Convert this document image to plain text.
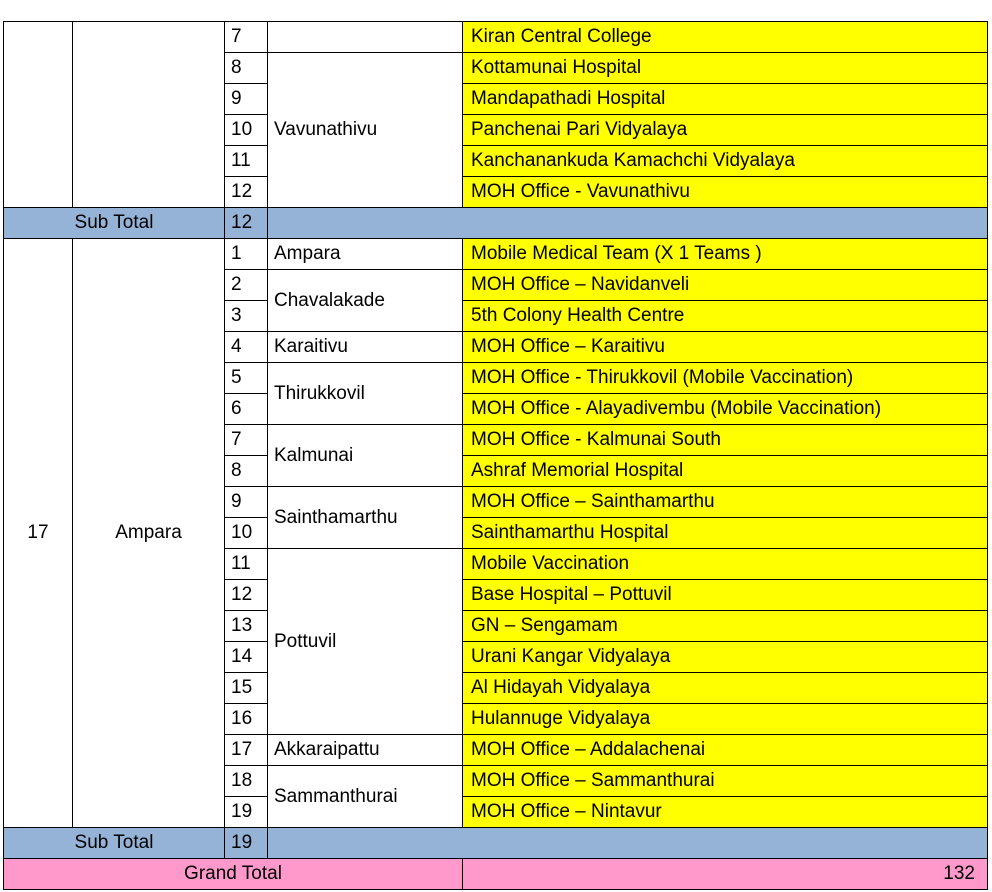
		7		Kiran Central College
		8	Vavunathivu	Kottamunai Hospital
		9		Mandapathadi Hospital
		10		Panchenai Pari Vidyalaya
		11		Kanchanankuda Kamachchi Vidyalaya
		12		MOH Office - Vavunathivu
Sub Total		12		
17	Ampara	1	Ampara	Mobile Medical Team (X 1 Teams )
		2	Chavalakade	MOH Office – Navidanveli
		3		5th Colony Health Centre
		4	Karaitivu	MOH Office – Karaitivu
		5	Thirukkovil	MOH Office - Thirukkovil (Mobile Vaccination)
		6		MOH Office - Alayadivembu (Mobile Vaccination)
		7	Kalmunai	MOH Office - Kalmunai South
		8		Ashraf Memorial Hospital
		9	Sainthamarthu	MOH Office – Sainthamarthu
		10		Sainthamarthu Hospital
		11	Pottuvil	Mobile Vaccination
		12		Base Hospital – Pottuvil
		13		GN – Sengamam
		14		Urani Kangar Vidyalaya
		15		Al Hidayah Vidyalaya
		16		Hulannuge Vidyalaya
		17	Akkaraipattu	MOH Office – Addalachenai
		18	Sammanthurai	MOH Office – Sammanthurai
		19		MOH Office – Nintavur
Sub Total		19		
Grand Total				132
